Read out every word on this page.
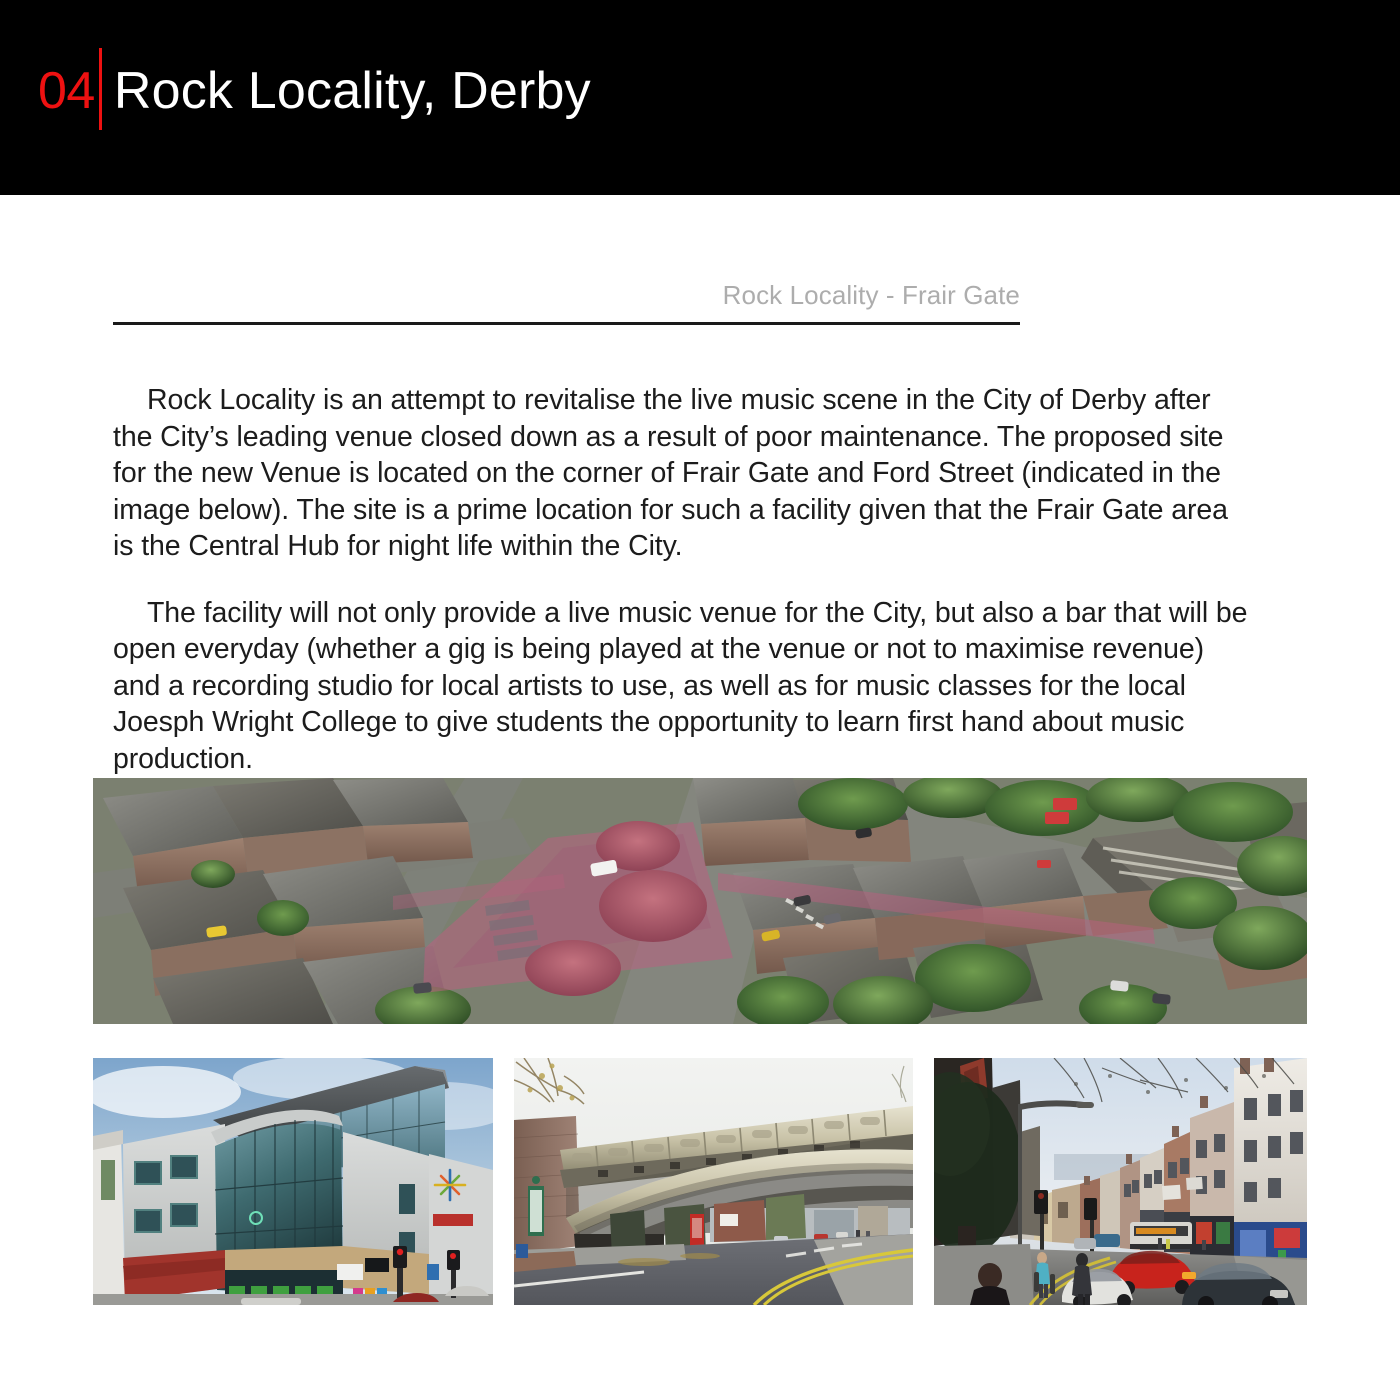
04 Rock Locality, Derby
Rock Locality - Frair Gate

Rock Locality is an attempt to revitalise the live music scene in the City of Derby after the City’s leading venue closed down as a result of poor maintenance. The proposed site for the new Venue is located on the corner of Frair Gate and Ford Street (indicated in the image below). The site is a prime location for such a facility given that the Frair Gate area is the Central Hub for night life within the City.

The facility will not only provide a live music venue for the City, but also a bar that will be open everyday (whether a gig is being played at the venue or not to maximise revenue) and a recording studio for local artists to use, as well as for music classes for the local Joesph Wright College to give students the opportunity to learn first hand about music production.
